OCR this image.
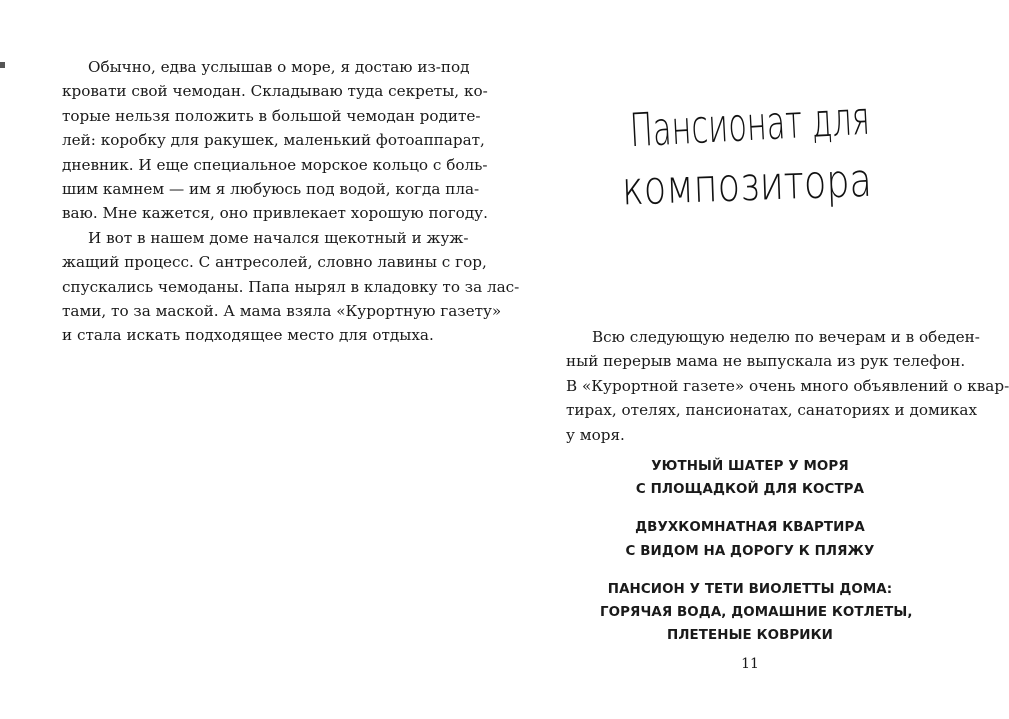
Обычно, едва услышав о море, я достаю из-под
кровати свой чемодан. Складываю туда секреты, ко-
торые нельзя положить в большой чемодан родите-
лей: коробку для ракушек, маленький фотоаппарат,
дневник. И еще специальное морское кольцо с боль-
шим камнем — им я любуюсь под водой, когда пла-
ваю. Мне кажется, оно привлекает хорошую погоду.
И вот в нашем доме начался щекотный и жуж-
жащий процесс. С антресолей, словно лавины с гор,
спускались чемоданы. Папа нырял в кладовку то за лас-
тами, то за маской. А мама взяла «Курортную газету»
и стала искать подходящее место для отдыха.
Пансионат для
композитора
Всю следующую неделю по вечерам и в обеден-
ный перерыв мама не выпускала из рук телефон.
В «Курортной газете» очень много объявлений о квар-
тирах, отелях, пансионатах, санаториях и домиках
у моря.

УЮТНЫЙ ШАТЕР У МОРЯ
С ПЛОЩАДКОЙ ДЛЯ КОСТРА

ДВУХКОМНАТНАЯ КВАРТИРА
С ВИДОМ НА ДОРОГУ К ПЛЯЖУ

ПАНСИОН У ТЕТИ ВИОЛЕТТЫ ДОМА:
ГОРЯЧАЯ ВОДА, ДОМАШНИЕ КОТЛЕТЫ,
ПЛЕТЕНЫЕ КОВРИКИ

11
